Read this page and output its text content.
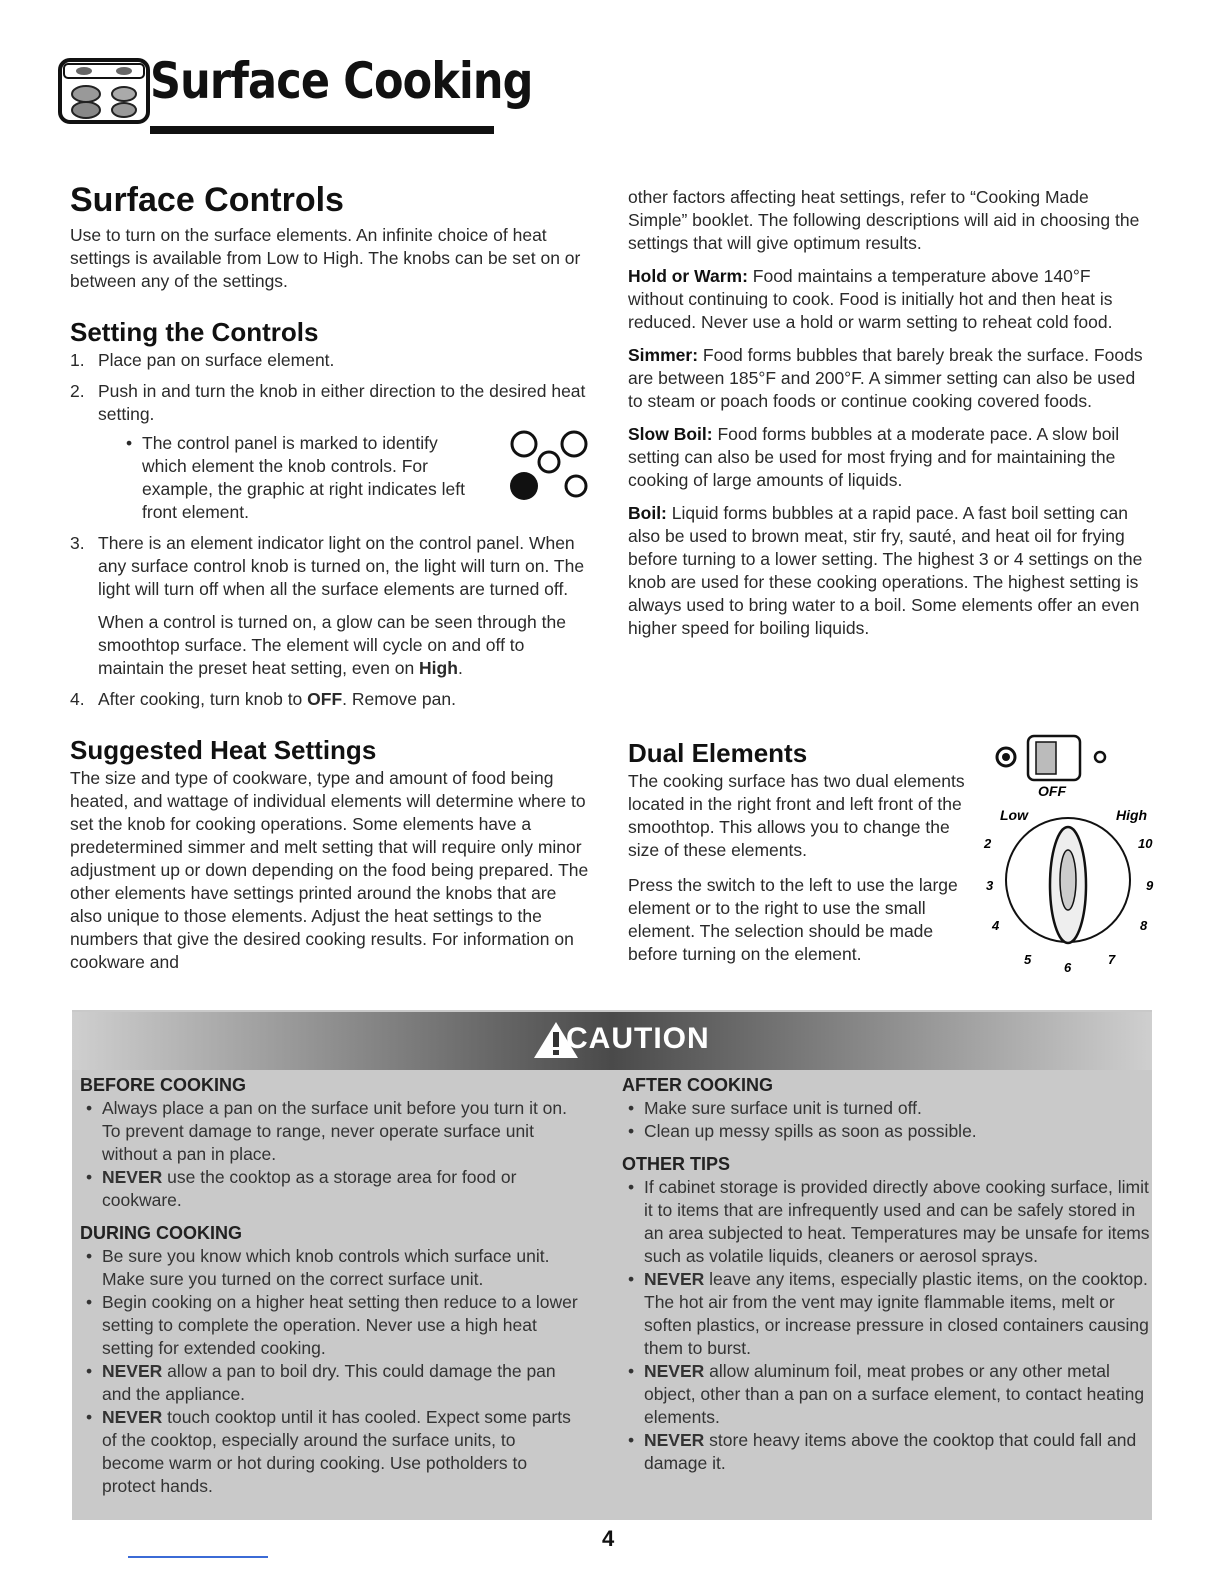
Surface Cooking
Surface Controls

Use to turn on the surface elements. An infinite choice of heat settings is available from Low to High. The knobs can be set on or between any of the settings.

Setting the Controls
1. Place pan on surface element.
2. Push in and turn the knob in either direction to the desired heat setting.
• The control panel is marked to identify which element the knob controls. For example, the graphic at right indicates left front element.
3. There is an element indicator light on the control panel. When any surface control knob is turned on, the light will turn on. The light will turn off when all the surface elements are turned off.
When a control is turned on, a glow can be seen through the smoothtop surface. The element will cycle on and off to maintain the preset heat setting, even on High.
4. After cooking, turn knob to OFF. Remove pan.
Suggested Heat Settings

The size and type of cookware, type and amount of food being heated, and wattage of individual elements will determine where to set the knob for cooking operations. Some elements have a predetermined simmer and melt setting that will require only minor adjustment up or down depending on the food being prepared. The other elements have settings printed around the knobs that are also unique to those elements. Adjust the heat settings to the numbers that give the desired cooking results. For information on cookware and

other factors affecting heat settings, refer to “Cooking Made Simple” booklet. The following descriptions will aid in choosing the settings that will give optimum results.

Hold or Warm: Food maintains a temperature above 140°F without continuing to cook. Food is initially hot and then heat is reduced. Never use a hold or warm setting to reheat cold food.

Simmer: Food forms bubbles that barely break the surface. Foods are between 185°F and 200°F. A simmer setting can also be used to steam or poach foods or continue cooking covered foods.

Slow Boil: Food forms bubbles at a moderate pace. A slow boil setting can also be used for most frying and for maintaining the cooking of large amounts of liquids.

Boil: Liquid forms bubbles at a rapid pace. A fast boil setting can also be used to brown meat, stir fry, sauté, and heat oil for frying before turning to a lower setting. The highest 3 or 4 settings on the knob are used for these cooking operations. The highest setting is always used to bring water to a boil. Some elements offer an even higher speed for boiling liquids.

Dual Elements

The cooking surface has two dual elements located in the right front and left front of the smoothtop. This allows you to change the size of these elements.

Press the switch to the left to use the large element or to the right to use the small element. The selection should be made before turning on the element.

OFF
Low	High
2
3
4
5
6
7
8
9
10
CAUTION
BEFORE COOKING
• Always place a pan on the surface unit before you turn it on. To prevent damage to range, never operate surface unit without a pan in place.
• NEVER use the cooktop as a storage area for food or cookware.
DURING COOKING
• Be sure you know which knob controls which surface unit. Make sure you turned on the correct surface unit.
• Begin cooking on a higher heat setting then reduce to a lower setting to complete the operation. Never use a high heat setting for extended cooking.
• NEVER allow a pan to boil dry. This could damage the pan and the appliance.
• NEVER touch cooktop until it has cooled. Expect some parts of the cooktop, especially around the surface units, to become warm or hot during cooking. Use potholders to protect hands.
AFTER COOKING
• Make sure surface unit is turned off.
• Clean up messy spills as soon as possible.
OTHER TIPS
• If cabinet storage is provided directly above cooking surface, limit it to items that are infrequently used and can be safely stored in an area subjected to heat. Temperatures may be unsafe for items such as volatile liquids, cleaners or aerosol sprays.
• NEVER leave any items, especially plastic items, on the cooktop. The hot air from the vent may ignite flammable items, melt or soften plastics, or increase pressure in closed containers causing them to burst.
• NEVER allow aluminum foil, meat probes or any other metal object, other than a pan on a surface element, to contact heating elements.
• NEVER store heavy items above the cooktop that could fall and damage it.
4
